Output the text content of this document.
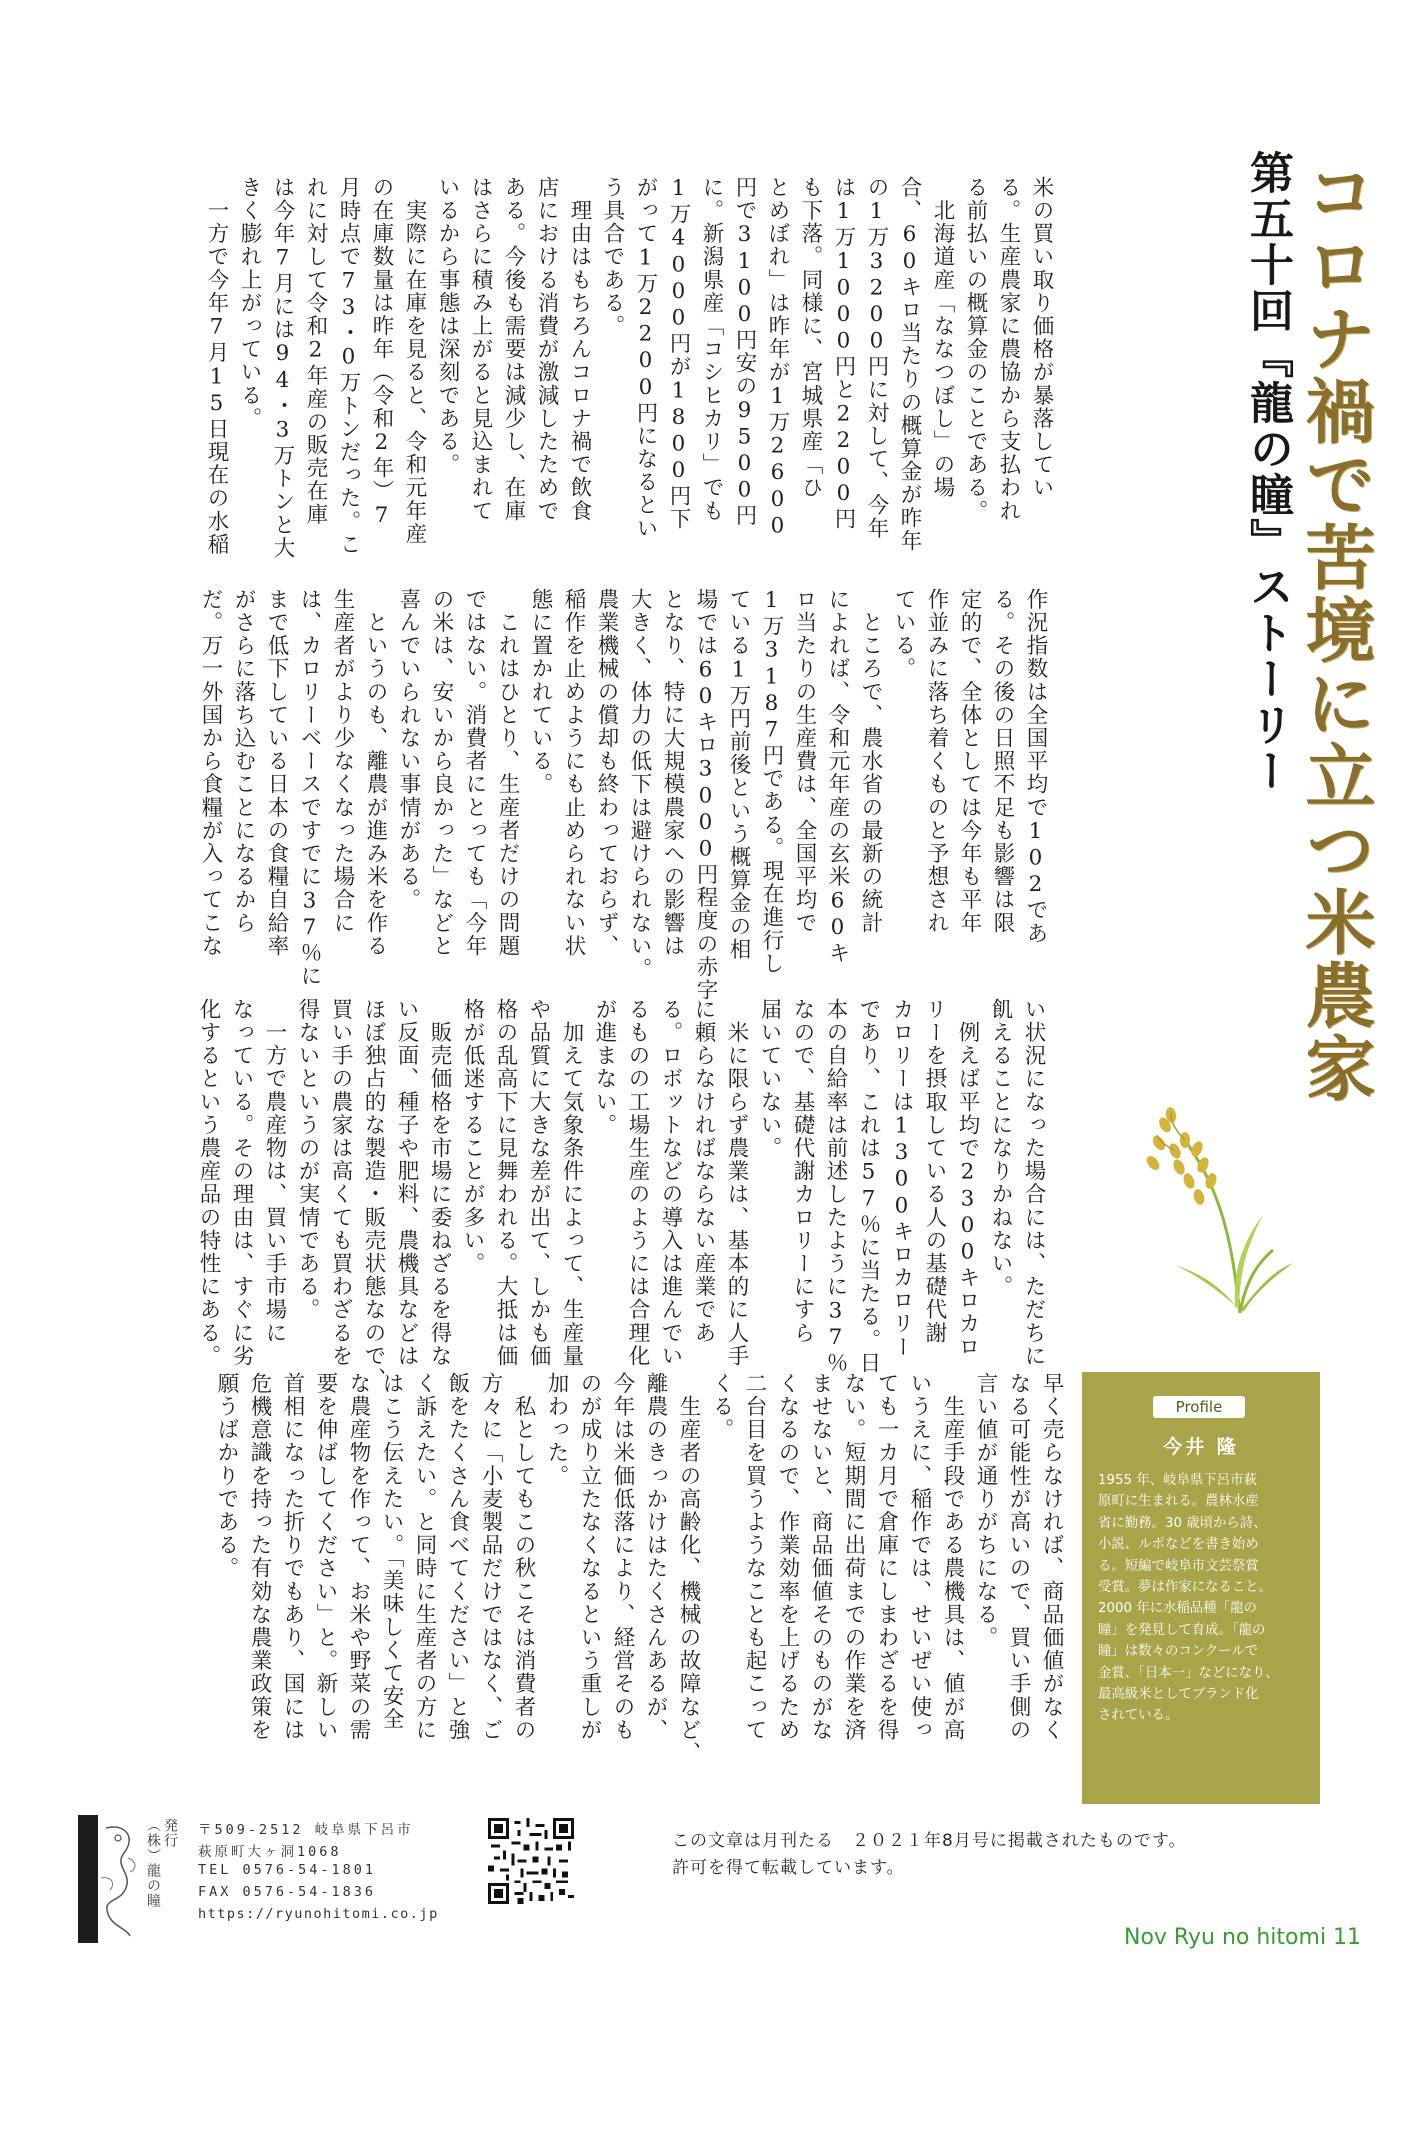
第五十回『龍の瞳』ストーリー コロナ禍で苦境に立つ米農家
米の買い取り価格が暴落してい
る。生産農家に農協から支払われ
る前払いの概算金のことである。
　北海道産「ななつぼし」の場
合、60キロ当たりの概算金が昨年
の1万3200円に対して、今年
は1万1000円と2200円
も下落。同様に、宮城県産「ひ
とめぼれ」は昨年が1万2600
円で3100円安の9500円
に。新潟県産「コシヒカリ」でも
1万4000円が1800円下
がって1万2200円になるとい
う具合である。
　理由はもちろんコロナ禍で飲食
店における消費が激減したためで
ある。今後も需要は減少し、在庫
はさらに積み上がると見込まれて
いるから事態は深刻である。
　実際に在庫を見ると、令和元年産
の在庫数量は昨年（令和2年）7
月時点で73・0万トンだった。こ
れに対して令和2年産の販売在庫
は今年7月には94・3万トンと大
きく膨れ上がっている。
　一方で今年7月15日現在の水稲
作況指数は全国平均で102であ
る。その後の日照不足も影響は限
定的で、全体としては今年も平年
作並みに落ち着くものと予想され
ている。
　ところで、農水省の最新の統計
によれば、令和元年産の玄米60キ
ロ当たりの生産費は、全国平均で
1万3187円である。現在進行し
ている1万円前後という概算金の相
場では60キロ3000円程度の赤字
となり、特に大規模農家への影響は
大きく、体力の低下は避けられない。
農業機械の償却も終わっておらず、
稲作を止めようにも止められない状
態に置かれている。
　これはひとり、生産者だけの問題
ではない。消費者にとっても「今年
の米は、安いから良かった」などと
喜んでいられない事情がある。
　というのも、離農が進み米を作る
生産者がより少なくなった場合に
は、カロリーベースですでに37％に
まで低下している日本の食糧自給率
がさらに落ち込むことになるから
だ。万一外国から食糧が入ってこな
い状況になった場合には、ただちに
飢えることになりかねない。
　例えば平均で2300キロカロ
リーを摂取している人の基礎代謝
カロリーは1300キロカロリー
であり、これは57％に当たる。日
本の自給率は前述したように37％
なので、基礎代謝カロリーにすら
届いていない。
　米に限らず農業は、基本的に人手
に頼らなければならない産業であ
る。ロボットなどの導入は進んでい
るものの工場生産のようには合理化
が進まない。
　加えて気象条件によって、生産量
や品質に大きな差が出て、しかも価
格の乱高下に見舞われる。大抵は価
格が低迷することが多い。
　販売価格を市場に委ねざるを得な
い反面、種子や肥料、農機具などは
ほぼ独占的な製造・販売状態なので、
買い手の農家は高くても買わざるを
得ないというのが実情である。
　一方で農産物は、買い手市場に
なっている。その理由は、すぐに劣
化するという農産品の特性にある。
早く売らなければ、商品価値がなく
なる可能性が高いので、買い手側の
言い値が通りがちになる。
　生産手段である農機具は、値が高
いうえに、稲作では、せいぜい使っ
ても一カ月で倉庫にしまわざるを得
ない。短期間に出荷までの作業を済
ませないと、商品価値そのものがな
くなるので、作業効率を上げるため
二台目を買うようなことも起こって
くる。
　生産者の高齢化、機械の故障など、
離農のきっかけはたくさんあるが、
今年は米価低落により、経営そのも
のが成り立たなくなるという重しが
加わった。
　私としてもこの秋こそは消費者の
方々に「小麦製品だけではなく、ご
飯をたくさん食べてください」と強
く訴えたい。と同時に生産者の方に
はこう伝えたい。「美味しくて安全
な農産物を作って、お米や野菜の需
要を伸ばしてください」と。新しい
首相になった折りでもあり、国には
危機意識を持った有効な農業政策を
願うばかりである。	Profile
今井 隆
1955 年、岐阜県下呂市萩
原町に生まれる。農林水産
省に勤務。30 歳頃から詩、
小説、ルポなどを書き始め
る。短編で岐阜市文芸祭賞
受賞。夢は作家になること。
2000 年に水稲品種「龍の
瞳」を発見して育成。「龍の
瞳」は数々のコンクールで
金賞、「日本一」などになり、
最高級米としてブランド化
されている。
発行
（株）龍の瞳	〒509-2512 岐阜県下呂市
萩原町大ヶ洞1068
TEL 0576-54-1801
FAX 0576-54-1836
https://ryunohitomi.co.jp
この文章は月刊たる　２０２１年8月号に掲載されたものです。
許可を得て転載しています。
Nov Ryu no hitomi 11
